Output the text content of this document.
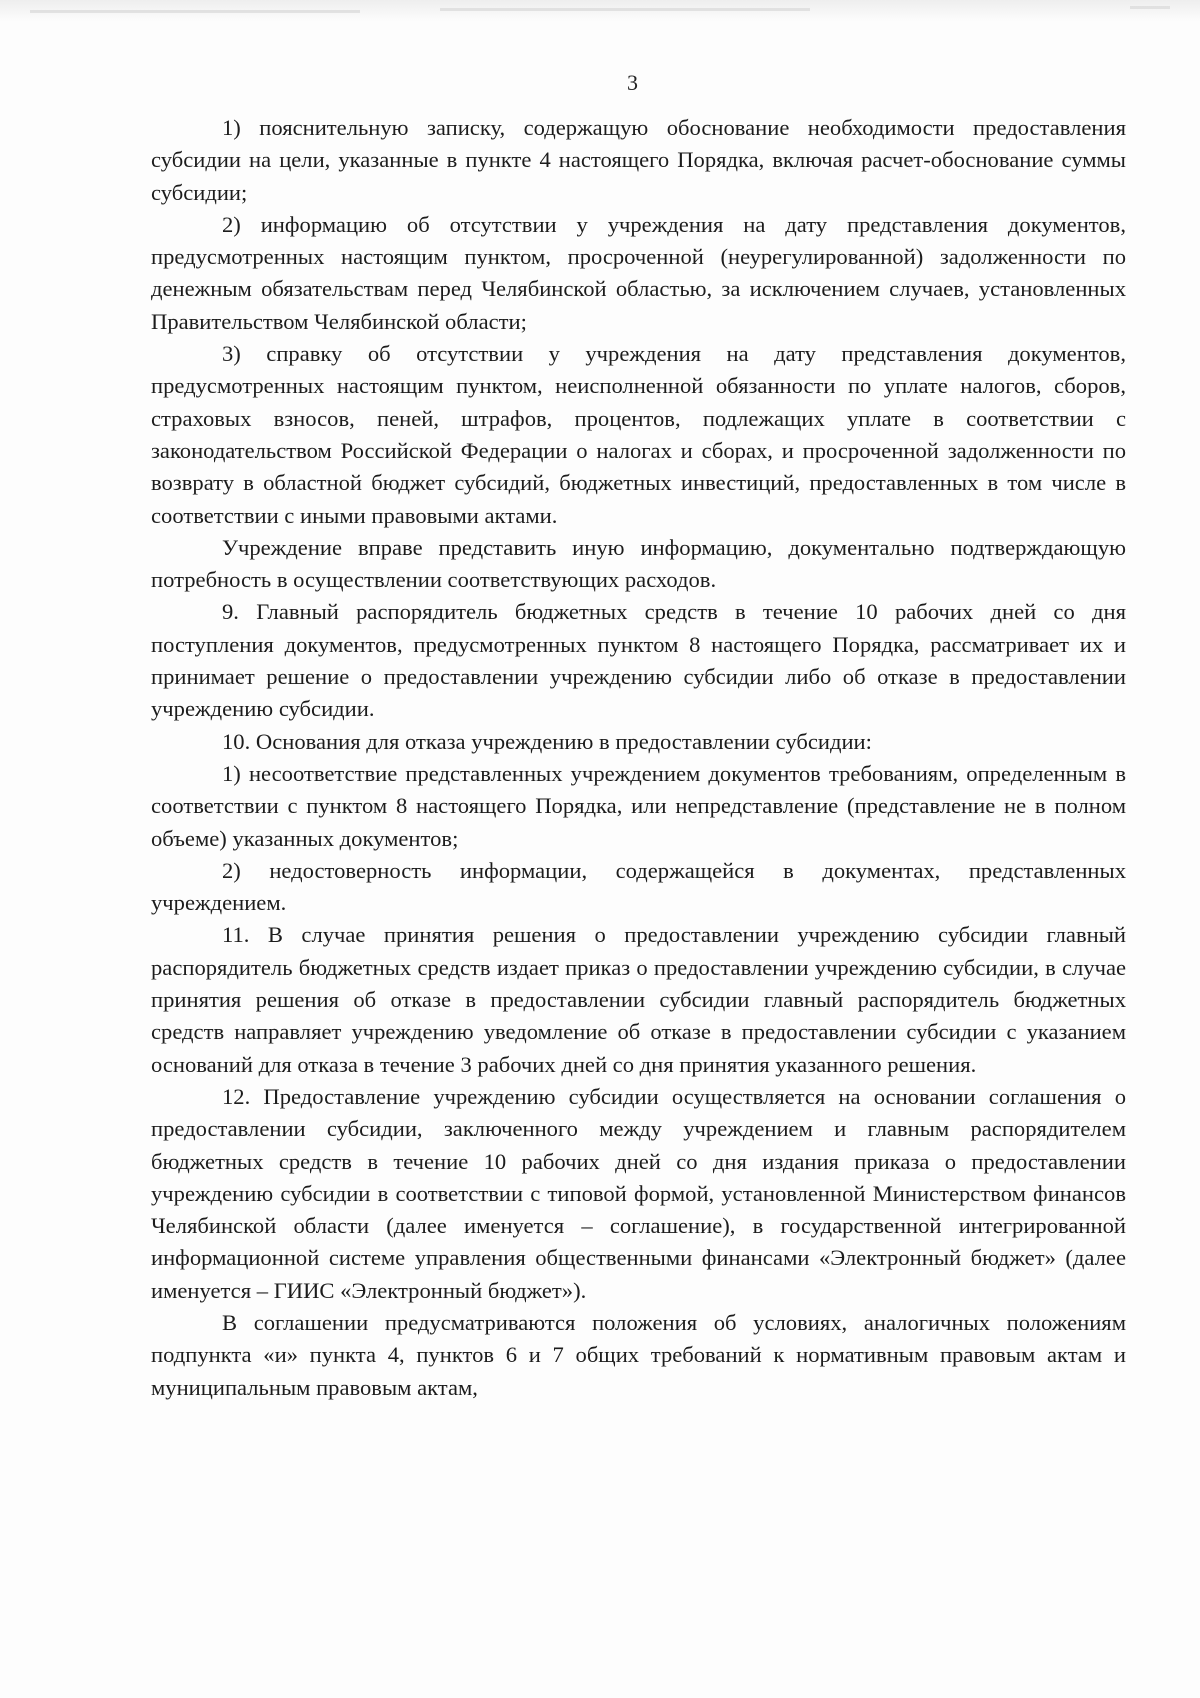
3

1) пояснительную записку, содержащую обоснование необходимости предоставления субсидии на цели, указанные в пункте 4 настоящего Порядка, включая расчет-обоснование суммы субсидии;

2) информацию об отсутствии у учреждения на дату представления документов, предусмотренных настоящим пунктом, просроченной (неурегулированной) задолженности по денежным обязательствам перед Челябинской областью, за исключением случаев, установленных Правительством Челябинской области;

3) справку об отсутствии у учреждения на дату представления документов, предусмотренных настоящим пунктом, неисполненной обязанности по уплате налогов, сборов, страховых взносов, пеней, штрафов, процентов, подлежащих уплате в соответствии с законодательством Российской Федерации о налогах и сборах, и просроченной задолженности по возврату в областной бюджет субсидий, бюджетных инвестиций, предоставленных в том числе в соответствии с иными правовыми актами.

Учреждение вправе представить иную информацию, документально подтверждающую потребность в осуществлении соответствующих расходов.

9. Главный распорядитель бюджетных средств в течение 10 рабочих дней со дня поступления документов, предусмотренных пунктом 8 настоящего Порядка, рассматривает их и принимает решение о предоставлении учреждению субсидии либо об отказе в предоставлении учреждению субсидии.

10. Основания для отказа учреждению в предоставлении субсидии:

1) несоответствие представленных учреждением документов требованиям, определенным в соответствии с пунктом 8 настоящего Порядка, или непредставление (представление не в полном объеме) указанных документов;

2) недостоверность информации, содержащейся в документах, представленных учреждением.

11. В случае принятия решения о предоставлении учреждению субсидии главный распорядитель бюджетных средств издает приказ о предоставлении учреждению субсидии, в случае принятия решения об отказе в предоставлении субсидии главный распорядитель бюджетных средств направляет учреждению уведомление об отказе в предоставлении субсидии с указанием оснований для отказа в течение 3 рабочих дней со дня принятия указанного решения.

12. Предоставление учреждению субсидии осуществляется на основании соглашения о предоставлении субсидии, заключенного между учреждением и главным распорядителем бюджетных средств в течение 10 рабочих дней со дня издания приказа о предоставлении учреждению субсидии в соответствии с типовой формой, установленной Министерством финансов Челябинской области (далее именуется – соглашение), в государственной интегрированной информационной системе управления общественными финансами «Электронный бюджет» (далее именуется – ГИИС «Электронный бюджет»).

В соглашении предусматриваются положения об условиях, аналогичных положениям подпункта «и» пункта 4, пунктов 6 и 7 общих требований к нормативным правовым актам и муниципальным правовым актам,
